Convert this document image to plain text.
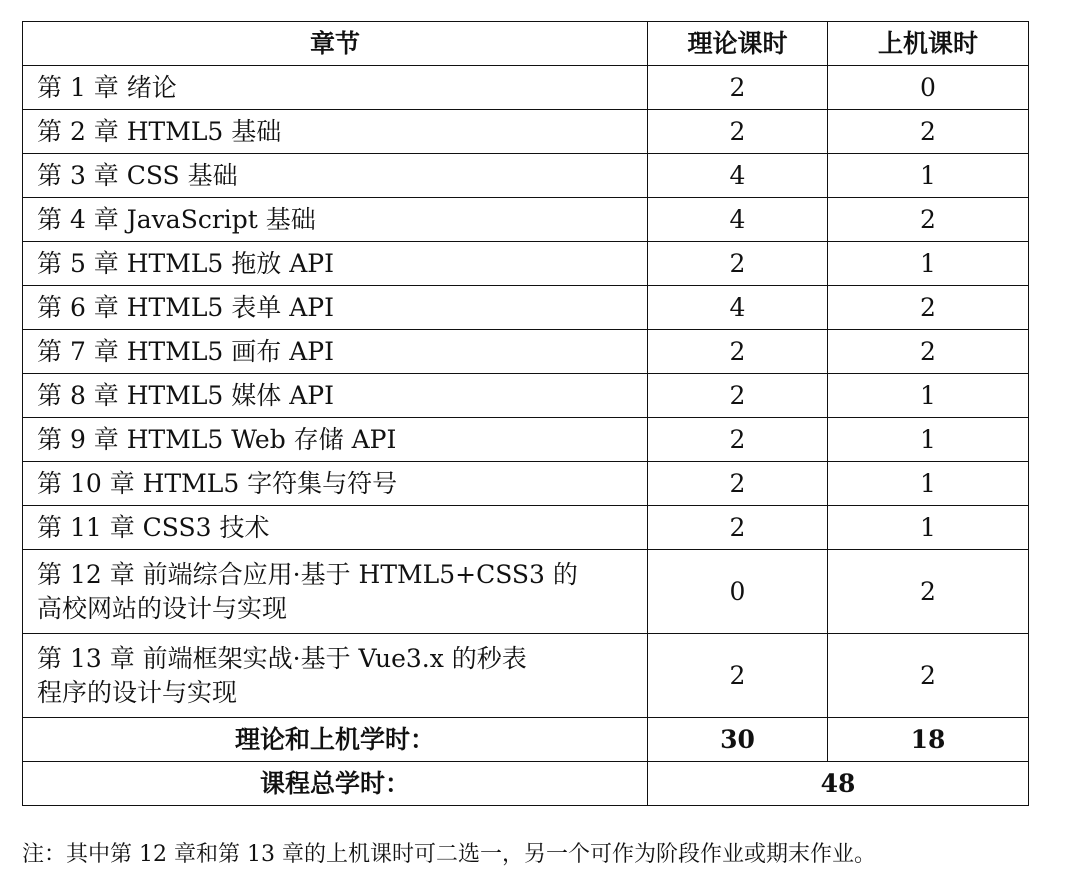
章节	理论课时	上机课时
第 1 章 绪论	2	0
第 2 章 HTML5 基础	2	2
第 3 章 CSS 基础	4	1
第 4 章 JavaScript 基础	4	2
第 5 章 HTML5 拖放 API	2	1
第 6 章 HTML5 表单 API	4	2
第 7 章 HTML5 画布 API	2	2
第 8 章 HTML5 媒体 API	2	1
第 9 章 HTML5 Web 存储 API	2	1
第 10 章 HTML5 字符集与符号	2	1
第 11 章 CSS3 技术	2	1
第 12 章 前端综合应用·基于 HTML5+CSS3 的
高校网站的设计与实现	0	2
第 13 章 前端框架实战·基于 Vue3.x 的秒表
程序的设计与实现	2	2
理论和上机学时：	30	18
课程总学时：	48	
注：其中第 12 章和第 13 章的上机课时可二选一，另一个可作为阶段作业或期末作业。
